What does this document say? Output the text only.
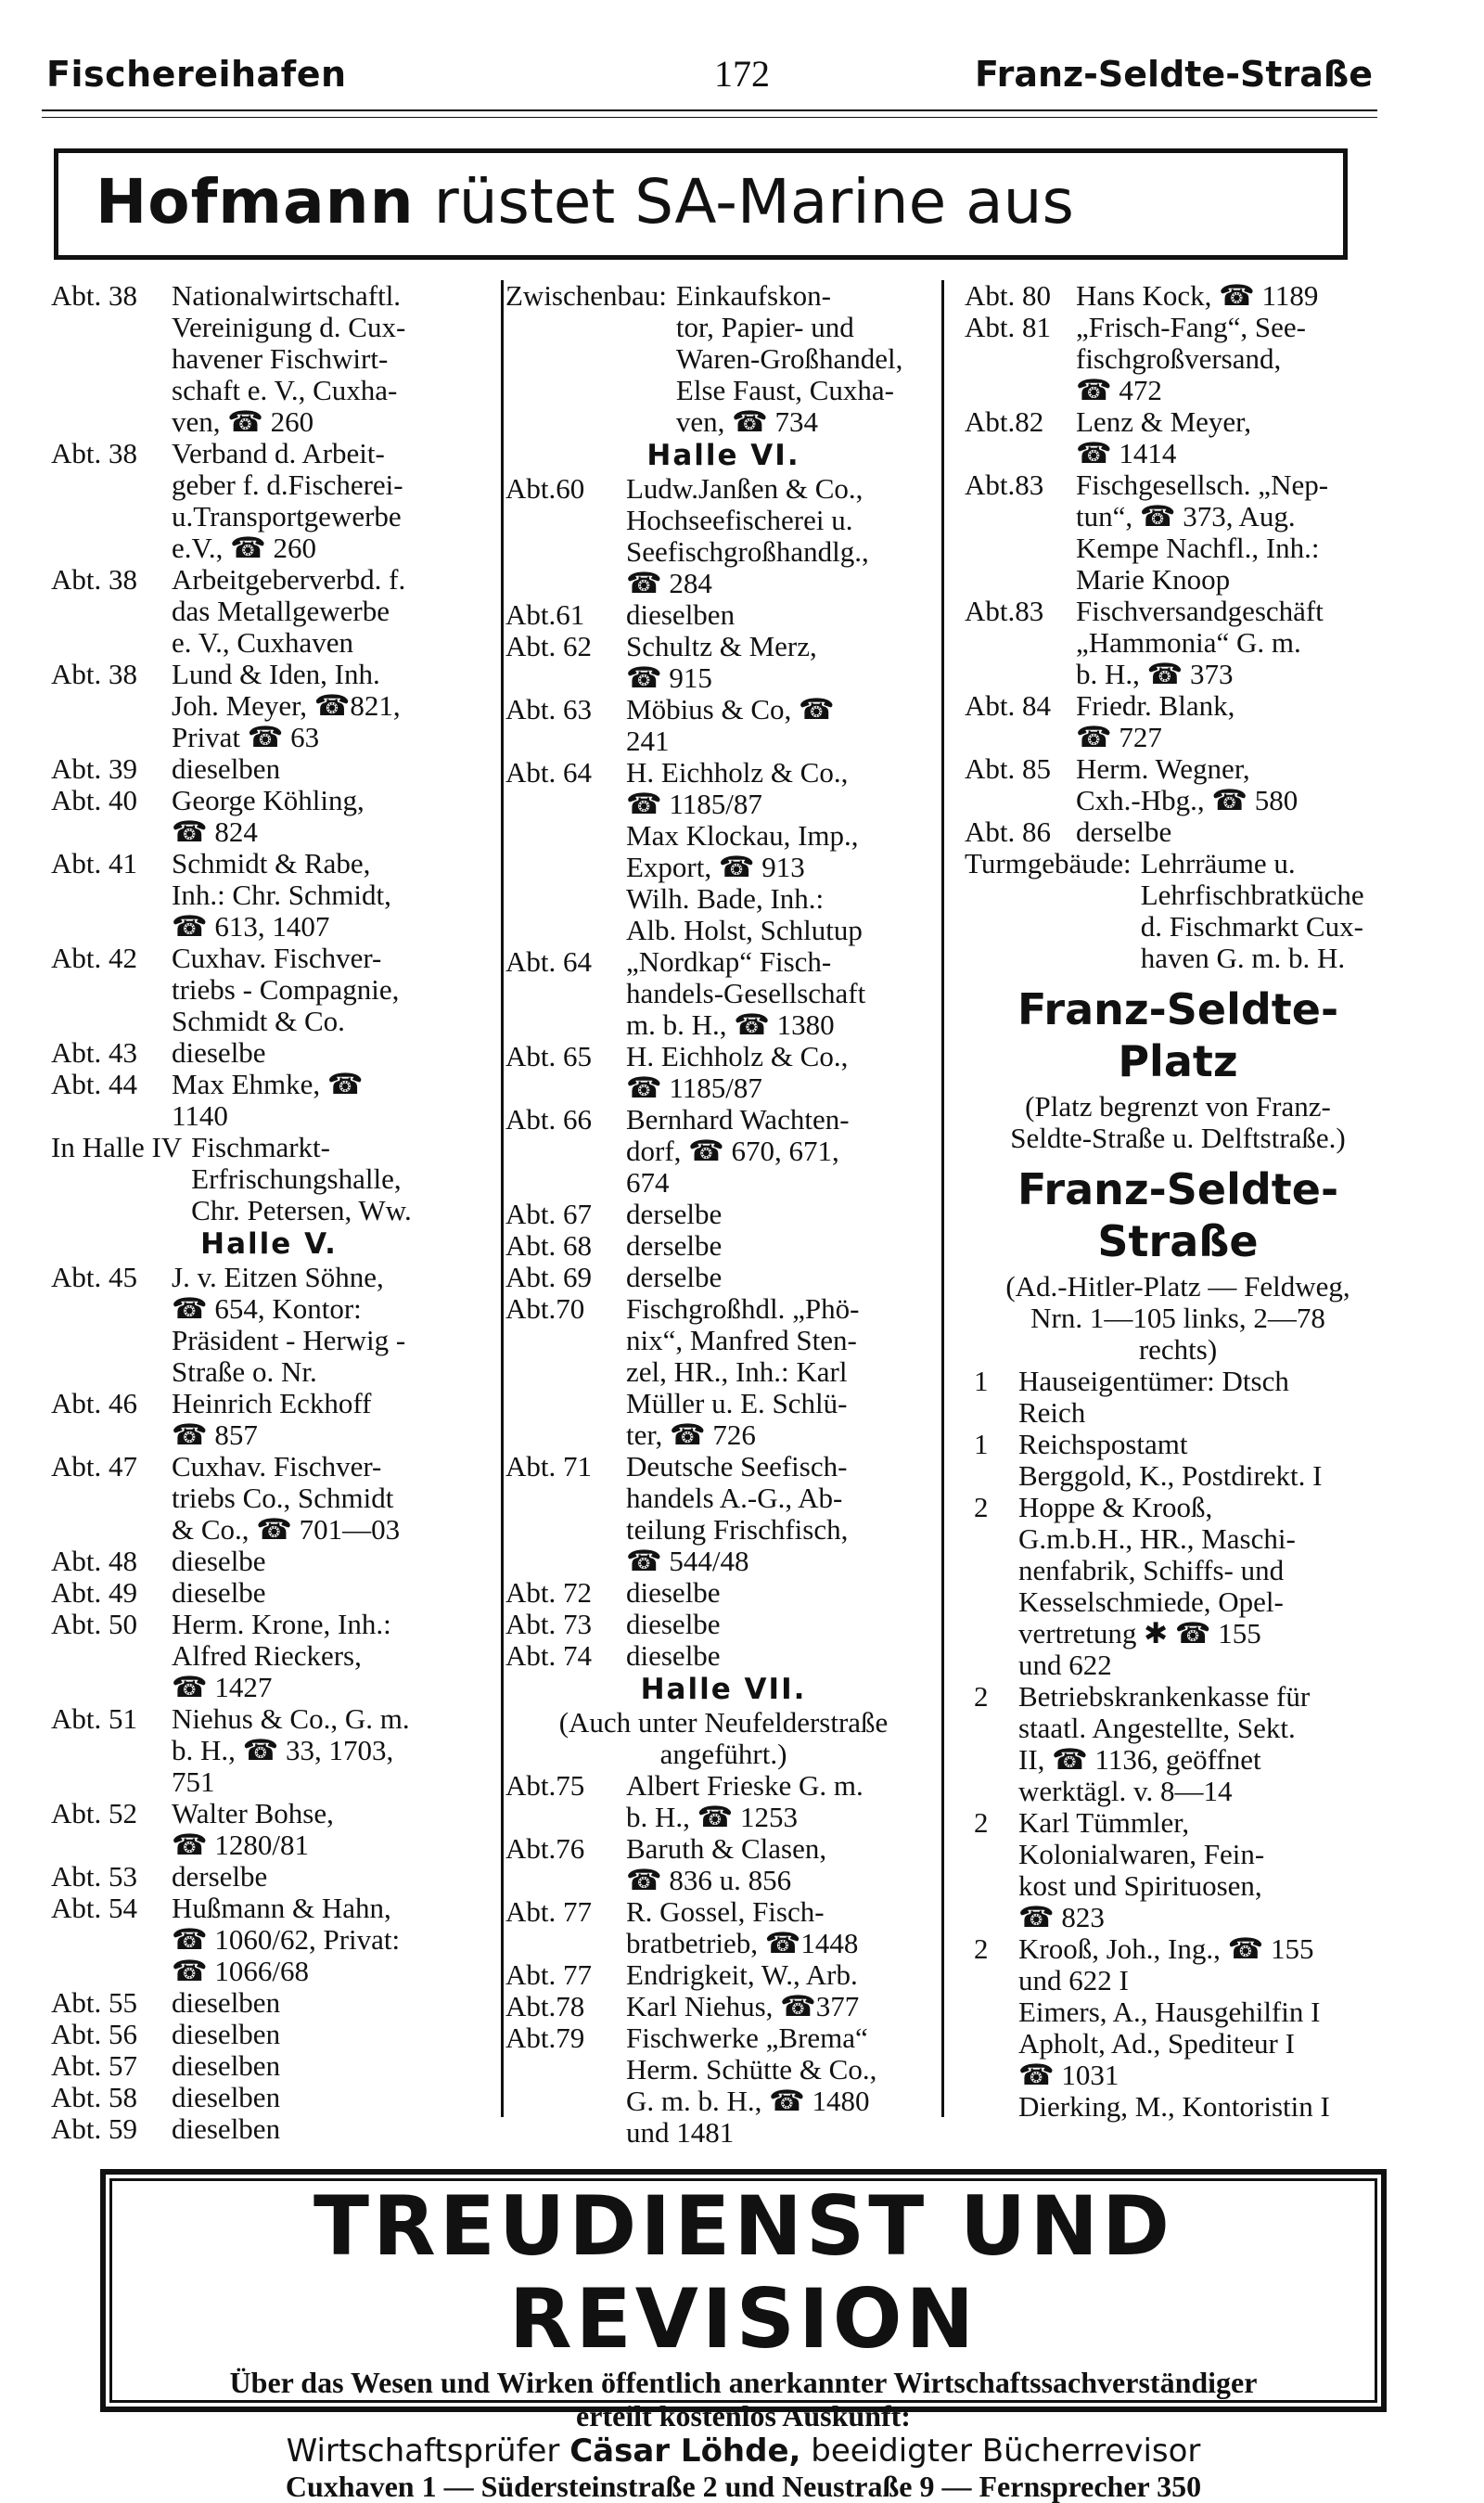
Fischereihafen	172	Franz-Seldte-Straße
Hofmann rüstet SA-Marine aus
Abt. 38	Nationalwirtschaftl.
Vereinigung d. Cux-
havener Fischwirt-
schaft e. V., Cuxha-
ven, ☎ 260
Abt. 38	Verband d. Arbeit-
geber f. d.Fischerei-
u.Transportgewerbe
e.V., ☎ 260
Abt. 38	Arbeitgeberverbd. f.
das Metallgewerbe
e. V., Cuxhaven
Abt. 38	Lund & Iden, Inh.
Joh. Meyer, ☎821,
Privat ☎ 63
Abt. 39	dieselben
Abt. 40	George Köhling,
☎ 824
Abt. 41	Schmidt & Rabe,
Inh.: Chr. Schmidt,
☎ 613, 1407
Abt. 42	Cuxhav. Fischver-
triebs - Compagnie,
Schmidt & Co.
Abt. 43	dieselbe
Abt. 44	Max Ehmke, ☎
1140
In Halle IV Fischmarkt-
Erfrischungshalle,
Chr. Petersen, Ww.
Halle V.
Abt. 45	J. v. Eitzen Söhne,
☎ 654, Kontor:
Präsident - Herwig -
Straße o. Nr.
Abt. 46	Heinrich Eckhoff
☎ 857
Abt. 47	Cuxhav. Fischver-
triebs Co., Schmidt
& Co., ☎ 701—03
Abt. 48	dieselbe
Abt. 49	dieselbe
Abt. 50	Herm. Krone, Inh.:
Alfred Rieckers,
☎ 1427
Abt. 51	Niehus & Co., G. m.
b. H., ☎ 33, 1703,
751
Abt. 52	Walter Bohse,
☎ 1280/81
Abt. 53	derselbe
Abt. 54	Hußmann & Hahn,
☎ 1060/62, Privat:
☎ 1066/68
Abt. 55	dieselben
Abt. 56	dieselben
Abt. 57	dieselben
Abt. 58	dieselben
Abt. 59	dieselben
Zwischenbau: Einkaufskon-
tor, Papier- und
Waren-Großhandel,
Else Faust, Cuxha-
ven, ☎ 734
Halle VI.
Abt.60	Ludw.Janßen & Co.,
Hochseefischerei u.
Seefischgroßhandlg.,
☎ 284
Abt.61	dieselben
Abt. 62	Schultz & Merz,
☎ 915
Abt. 63	Möbius & Co, ☎
241
Abt. 64	H. Eichholz & Co.,
☎ 1185/87
Max Klockau, Imp.,
Export, ☎ 913
Wilh. Bade, Inh.:
Alb. Holst, Schlutup
Abt. 64	„Nordkap“ Fisch-
handels-Gesellschaft
m. b. H., ☎ 1380
Abt. 65	H. Eichholz & Co.,
☎ 1185/87
Abt. 66	Bernhard Wachten-
dorf, ☎ 670, 671,
674
Abt. 67	derselbe
Abt. 68	derselbe
Abt. 69	derselbe
Abt.70	Fischgroßhdl. „Phö-
nix“, Manfred Sten-
zel, HR., Inh.: Karl
Müller u. E. Schlü-
ter, ☎ 726
Abt. 71	Deutsche Seefisch-
handels A.-G., Ab-
teilung Frischfisch,
☎ 544/48
Abt. 72	dieselbe
Abt. 73	dieselbe
Abt. 74	dieselbe
Halle VII.
(Auch unter Neufelderstraße
angeführt.)
Abt.75	Albert Frieske G. m.
b. H., ☎ 1253
Abt.76	Baruth & Clasen,
☎ 836 u. 856
Abt. 77	R. Gossel, Fisch-
bratbetrieb, ☎1448
Abt. 77	Endrigkeit, W., Arb.
Abt.78	Karl Niehus, ☎377
Abt.79	Fischwerke „Brema“
Herm. Schütte & Co.,
G. m. b. H., ☎ 1480
und 1481
Abt. 80 Hans Kock, ☎ 1189
Abt. 81 „Frisch-Fang“, See-
fischgroßversand,
☎ 472
Abt.82	Lenz & Meyer,
☎ 1414
Abt.83	Fischgesellsch. „Nep-
tun“, ☎ 373, Aug.
Kempe Nachfl., Inh.:
Marie Knoop
Abt.83	Fischversandgeschäft
„Hammonia“ G. m.
b. H., ☎ 373
Abt. 84 Friedr. Blank,
☎ 727
Abt. 85 Herm. Wegner,
Cxh.-Hbg., ☎ 580
Abt. 86 derselbe
Turmgebäude: Lehrräume u.
Lehrfischbratküche
d. Fischmarkt Cux-
haven G. m. b. H.
Franz-Seldte-
Platz
(Platz begrenzt von Franz-
Seldte-Straße u. Delftstraße.)
Franz-Seldte-
Straße
(Ad.-Hitler-Platz — Feldweg,
Nrn. 1—105 links, 2—78
rechts)
1	Hauseigentümer: Dtsch
Reich
1	Reichspostamt
Berggold, K., Postdirekt. I
2	Hoppe & Krooß,
G.m.b.H., HR., Maschi-
nenfabrik, Schiffs- und
Kesselschmiede, Opel-
vertretung ✱ ☎ 155
und 622
2	Betriebskrankenkasse für
staatl. Angestellte, Sekt.
II, ☎ 1136, geöffnet
werktägl. v. 8—14
2	Karl Tümmler,
Kolonialwaren, Fein-
kost und Spirituosen,
☎ 823
2	Krooß, Joh., Ing., ☎ 155
und 622 I
Eimers, A., Hausgehilfin I
Apholt, Ad., Spediteur I
☎ 1031
Dierking, M., Kontoristin I
TREUDIENST UND REVISION
Über das Wesen und Wirken öffentlich anerkannter Wirtschaftssachverständiger
erteilt kostenlos Auskunft:
Wirtschaftsprüfer Cäsar Löhde, beeidigter Bücherrevisor
Cuxhaven 1 — Südersteinstraße 2 und Neustraße 9 — Fernsprecher 350
